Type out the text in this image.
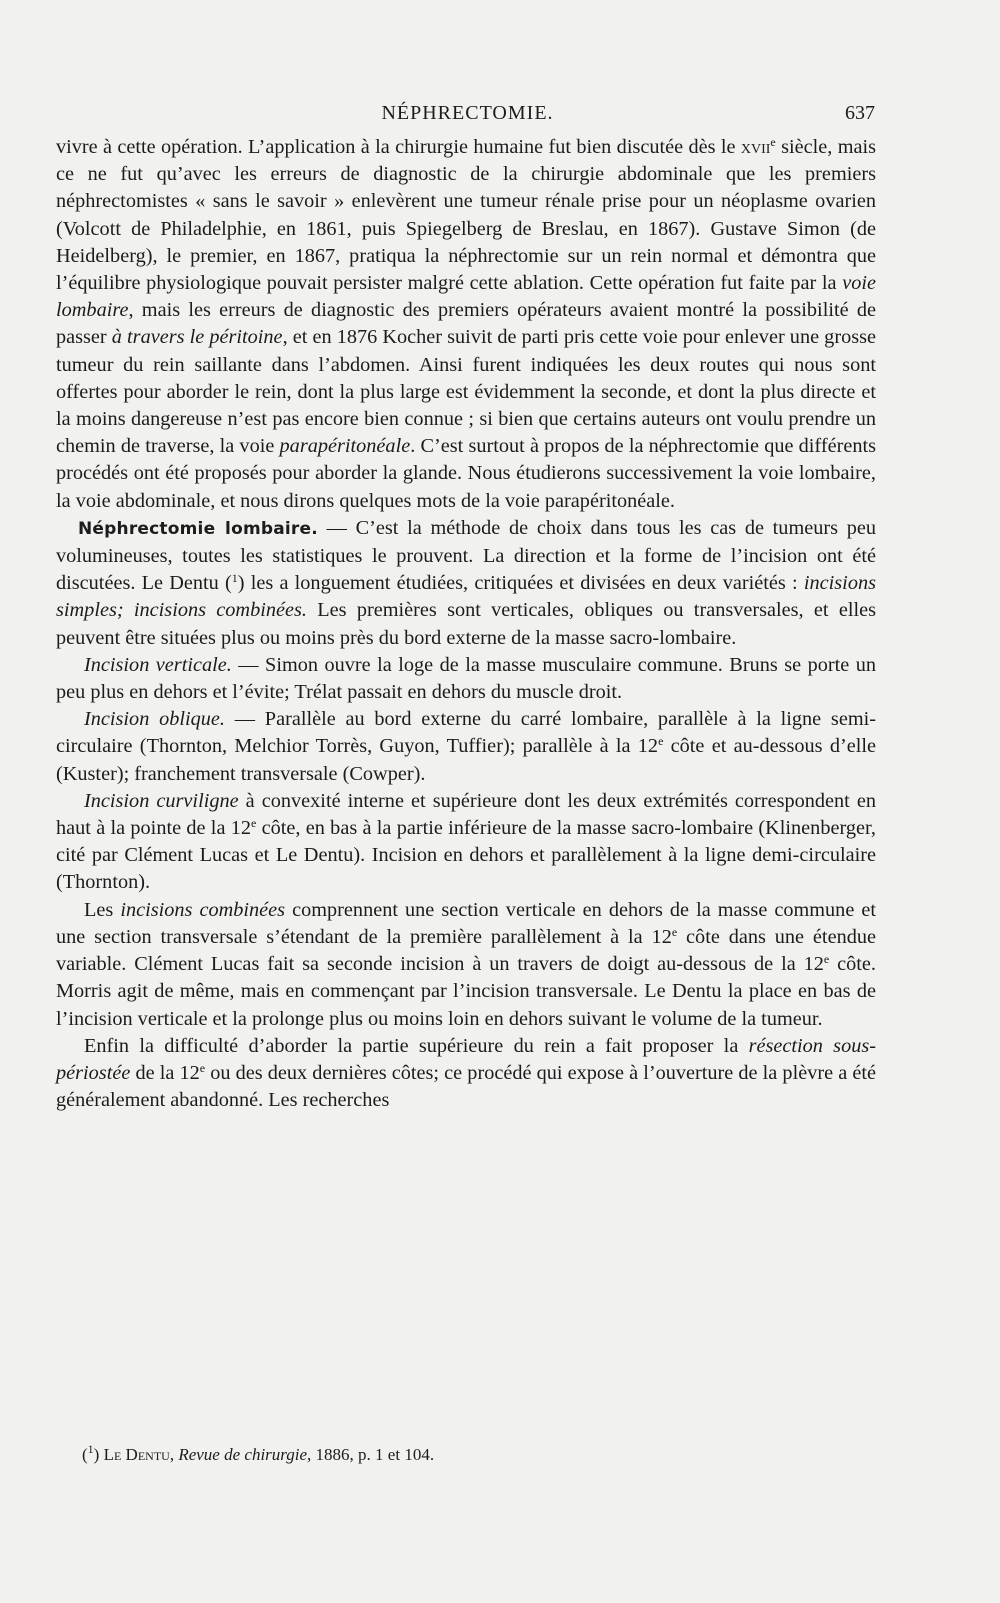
NÉPHRECTOMIE.	637

vivre à cette opération. L’application à la chirurgie humaine fut bien discutée dès le xvii$^e$ siècle, mais ce ne fut qu’avec les erreurs de diagnostic de la chirurgie abdominale que les premiers néphrectomistes « sans le savoir » enlevèrent une tumeur rénale prise pour un néoplasme ovarien (Volcott de Philadelphie, en 1861, puis Spiegelberg de Breslau, en 1867). Gustave Simon (de Heidelberg), le premier, en 1867, pratiqua la néphrectomie sur un rein normal et démontra que l’équilibre physiologique pouvait persister malgré cette ablation. Cette opération fut faite par la voie lombaire, mais les erreurs de diagnostic des premiers opérateurs avaient montré la possibilité de passer à travers le péritoine, et en 1876 Kocher suivit de parti pris cette voie pour enlever une grosse tumeur du rein saillante dans l’abdomen. Ainsi furent indiquées les deux routes qui nous sont offertes pour aborder le rein, dont la plus large est évidemment la seconde, et dont la plus directe et la moins dangereuse n’est pas encore bien connue ; si bien que certains auteurs ont voulu prendre un chemin de traverse, la voie parapéritonéale. C’est surtout à propos de la néphrectomie que différents procédés ont été proposés pour aborder la glande. Nous étudierons successivement la voie lombaire, la voie abdominale, et nous dirons quelques mots de la voie parapéritonéale.

Néphrectomie lombaire. — C’est la méthode de choix dans tous les cas de tumeurs peu volumineuses, toutes les statistiques le prouvent. La direction et la forme de l’incision ont été discutées. Le Dentu ($^1$) les a longuement étudiées, critiquées et divisées en deux variétés : incisions simples; incisions combinées. Les premières sont verticales, obliques ou transversales, et elles peuvent être situées plus ou moins près du bord externe de la masse sacro-lombaire.

Incision verticale. — Simon ouvre la loge de la masse musculaire commune. Bruns se porte un peu plus en dehors et l’évite; Trélat passait en dehors du muscle droit.

Incision oblique. — Parallèle au bord externe du carré lombaire, parallèle à la ligne semi-circulaire (Thornton, Melchior Torrès, Guyon, Tuffier); parallèle à la 12e côte et au-dessous d’elle (Kuster); franchement transversale (Cowper).

Incision curviligne à convexité interne et supérieure dont les deux extrémités correspondent en haut à la pointe de la 12e côte, en bas à la partie inférieure de la masse sacro-lombaire (Klinenberger, cité par Clément Lucas et Le Dentu). Incision en dehors et parallèlement à la ligne demi-circulaire (Thornton).

Les incisions combinées comprennent une section verticale en dehors de la masse commune et une section transversale s’étendant de la première parallèlement à la 12e côte dans une étendue variable. Clément Lucas fait sa seconde incision à un travers de doigt au-dessous de la 12e côte. Morris agit de même, mais en commençant par l’incision transversale. Le Dentu la place en bas de l’incision verticale et la prolonge plus ou moins loin en dehors suivant le volume de la tumeur.

Enfin la difficulté d’aborder la partie supérieure du rein a fait proposer la résection sous-périostée de la 12e ou des deux dernières côtes; ce procédé qui expose à l’ouverture de la plèvre a été généralement abandonné. Les recherches

($^1$) Le Dentu, Revue de chirurgie, 1886, p. 1 et 104.
